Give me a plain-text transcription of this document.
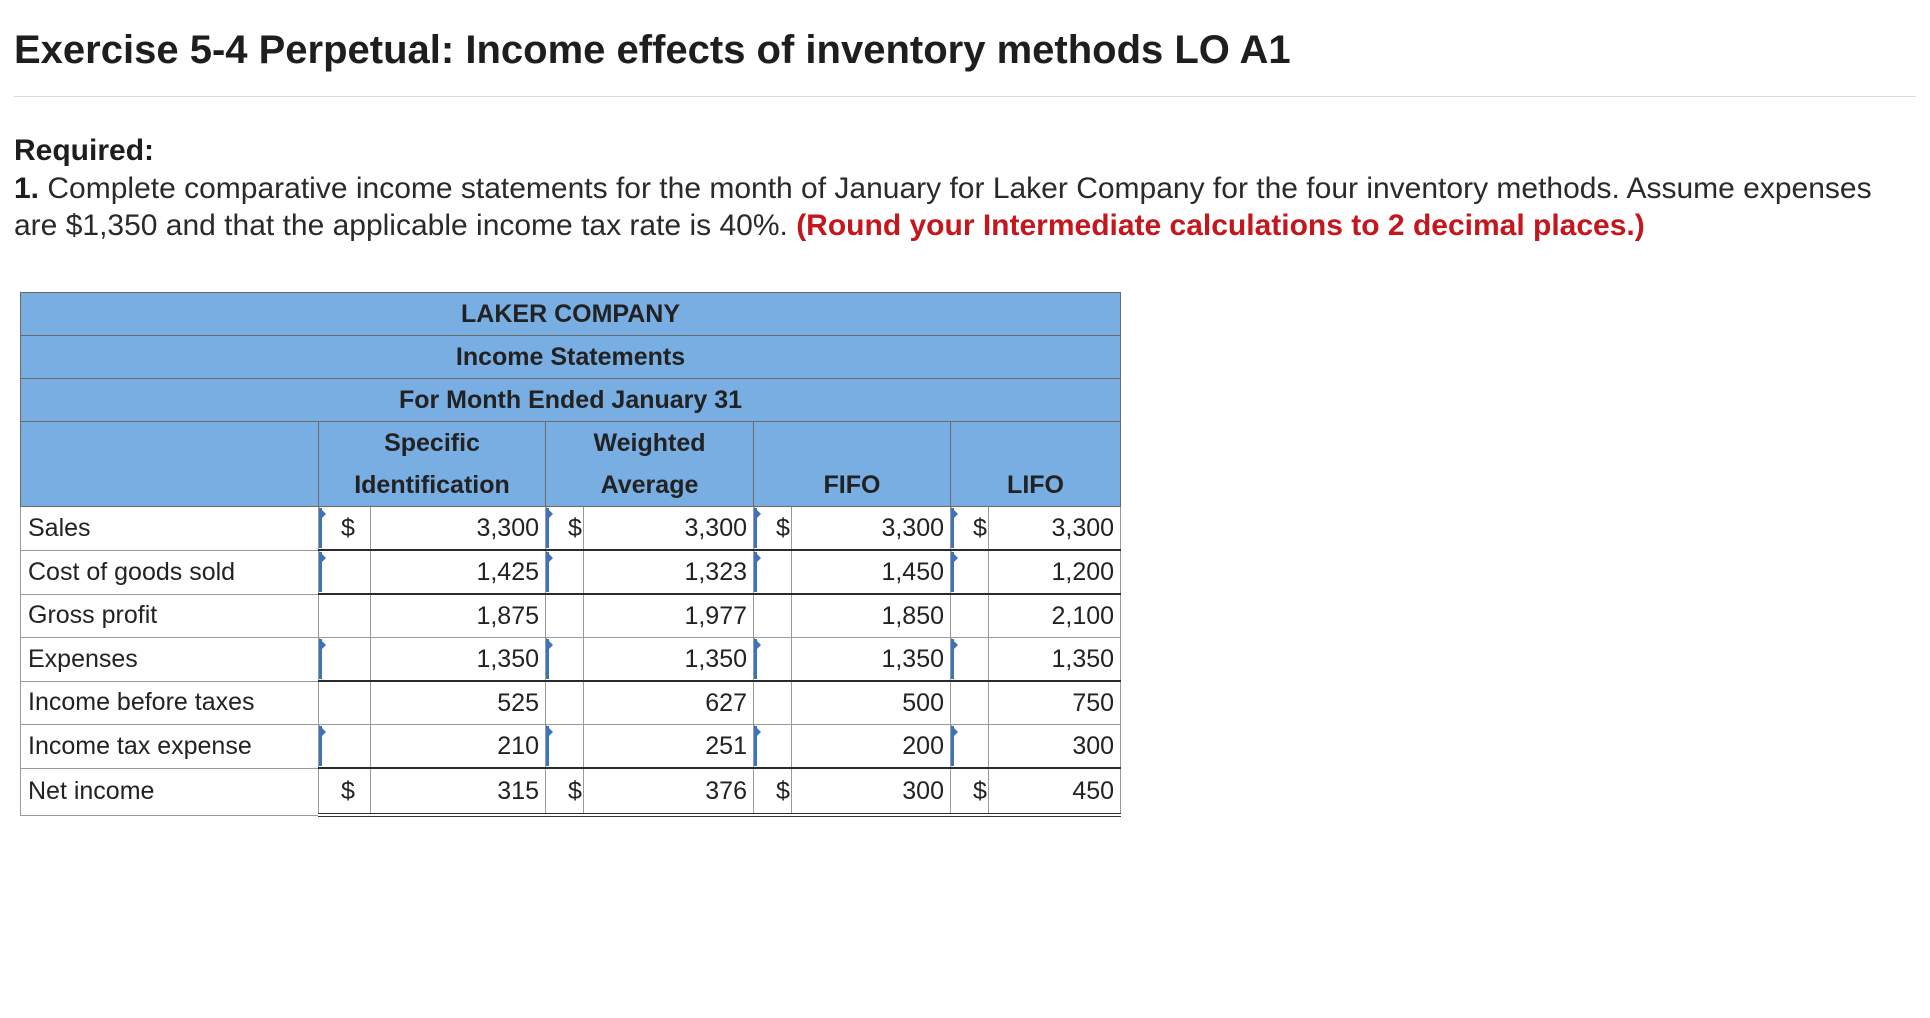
Exercise 5-4 Perpetual: Income effects of inventory methods LO A1
Required:
1. Complete comparative income statements for the month of January for Laker Company for the four inventory methods. Assume expenses are $1,350 and that the applicable income tax rate is 40%. (Round your Intermediate calculations to 2 decimal places.)
LAKER COMPANY								
Income Statements								
For Month Ended January 31								
	Specific		Weighted					
	Identification		Average		FIFO		LIFO	
Sales	$	3,300	$	3,300	$	3,300	$	3,300
Cost of goods sold		1,425		1,323		1,450		1,200
Gross profit		1,875		1,977		1,850		2,100
Expenses		1,350		1,350		1,350		1,350
Income before taxes		525		627		500		750
Income tax expense		210		251		200		300
Net income	$	315	$	376	$	300	$	450
